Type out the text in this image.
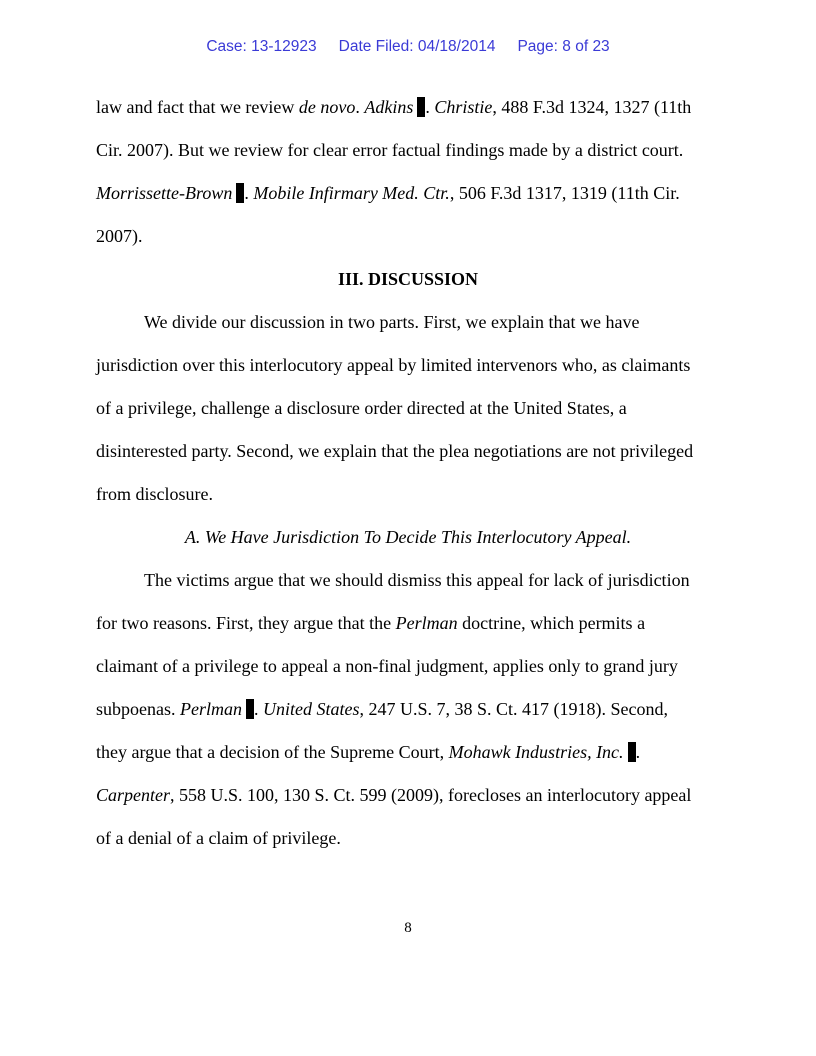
Case: 13-12923 Date Filed: 04/18/2014 Page: 8 of 23
law and fact that we review de novo. Adkins . Christie, 488 F.3d 1324, 1327 (11th
Cir. 2007). But we review for clear error factual findings made by a district court.
Morrissette-Brown . Mobile Infirmary Med. Ctr., 506 F.3d 1317, 1319 (11th Cir.
2007).
III. DISCUSSION
We divide our discussion in two parts. First, we explain that we have
jurisdiction over this interlocutory appeal by limited intervenors who, as claimants
of a privilege, challenge a disclosure order directed at the United States, a
disinterested party. Second, we explain that the plea negotiations are not privileged
from disclosure.
A. We Have Jurisdiction To Decide This Interlocutory Appeal.
The victims argue that we should dismiss this appeal for lack of jurisdiction
for two reasons. First, they argue that the Perlman doctrine, which permits a
claimant of a privilege to appeal a non-final judgment, applies only to grand jury
subpoenas. Perlman . United States, 247 U.S. 7, 38 S. Ct. 417 (1918). Second,
they argue that a decision of the Supreme Court, Mohawk Industries, Inc. .
Carpenter, 558 U.S. 100, 130 S. Ct. 599 (2009), forecloses an interlocutory appeal
of a denial of a claim of privilege.
8
